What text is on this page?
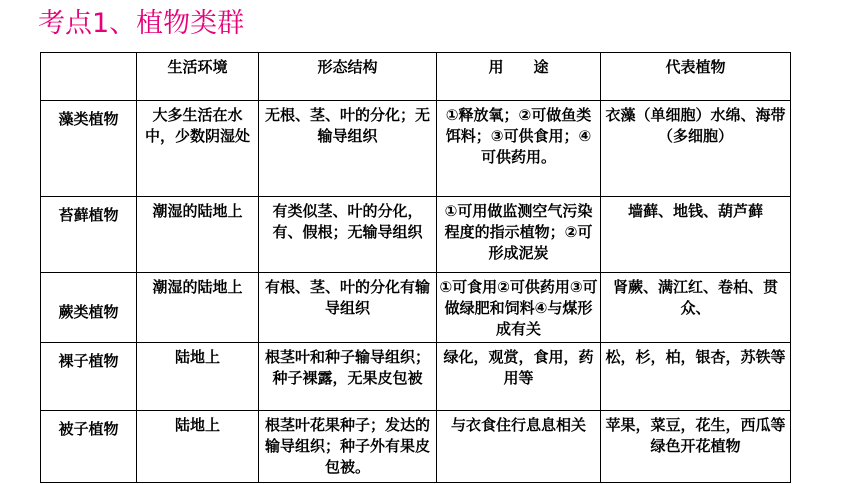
考点1、植物类群
	生活环境	形态结构	用　　途	代表植物
藻类植物	大多生活在水中，少数阴湿处	无根、茎、叶的分化；无输导组织	①释放氧；②可做鱼类饵料；③可供食用；④可供药用。	衣藻（单细胞）水绵、海带（多细胞）
苔藓植物	潮湿的陆地上	有类似茎、叶的分化，有、假根；无输导组织	①可用做监测空气污染程度的指示植物；②可形成泥炭	墙藓、地钱、葫芦藓
蕨类植物	潮湿的陆地上	有根、茎、叶的分化有输导组织	①可食用②可供药用③可做绿肥和饲料④与煤形成有关	肾蕨、满江红、卷柏、贯众、
裸子植物	陆地上	根茎叶和种子输导组织；种子裸露，无果皮包被	绿化，观赏，食用，药用等	松，杉，柏，银杏，苏铁等
被子植物	陆地上	根茎叶花果种子；发达的输导组织；种子外有果皮包被。	与衣食住行息息相关	苹果，菜豆，花生，西瓜等绿色开花植物
